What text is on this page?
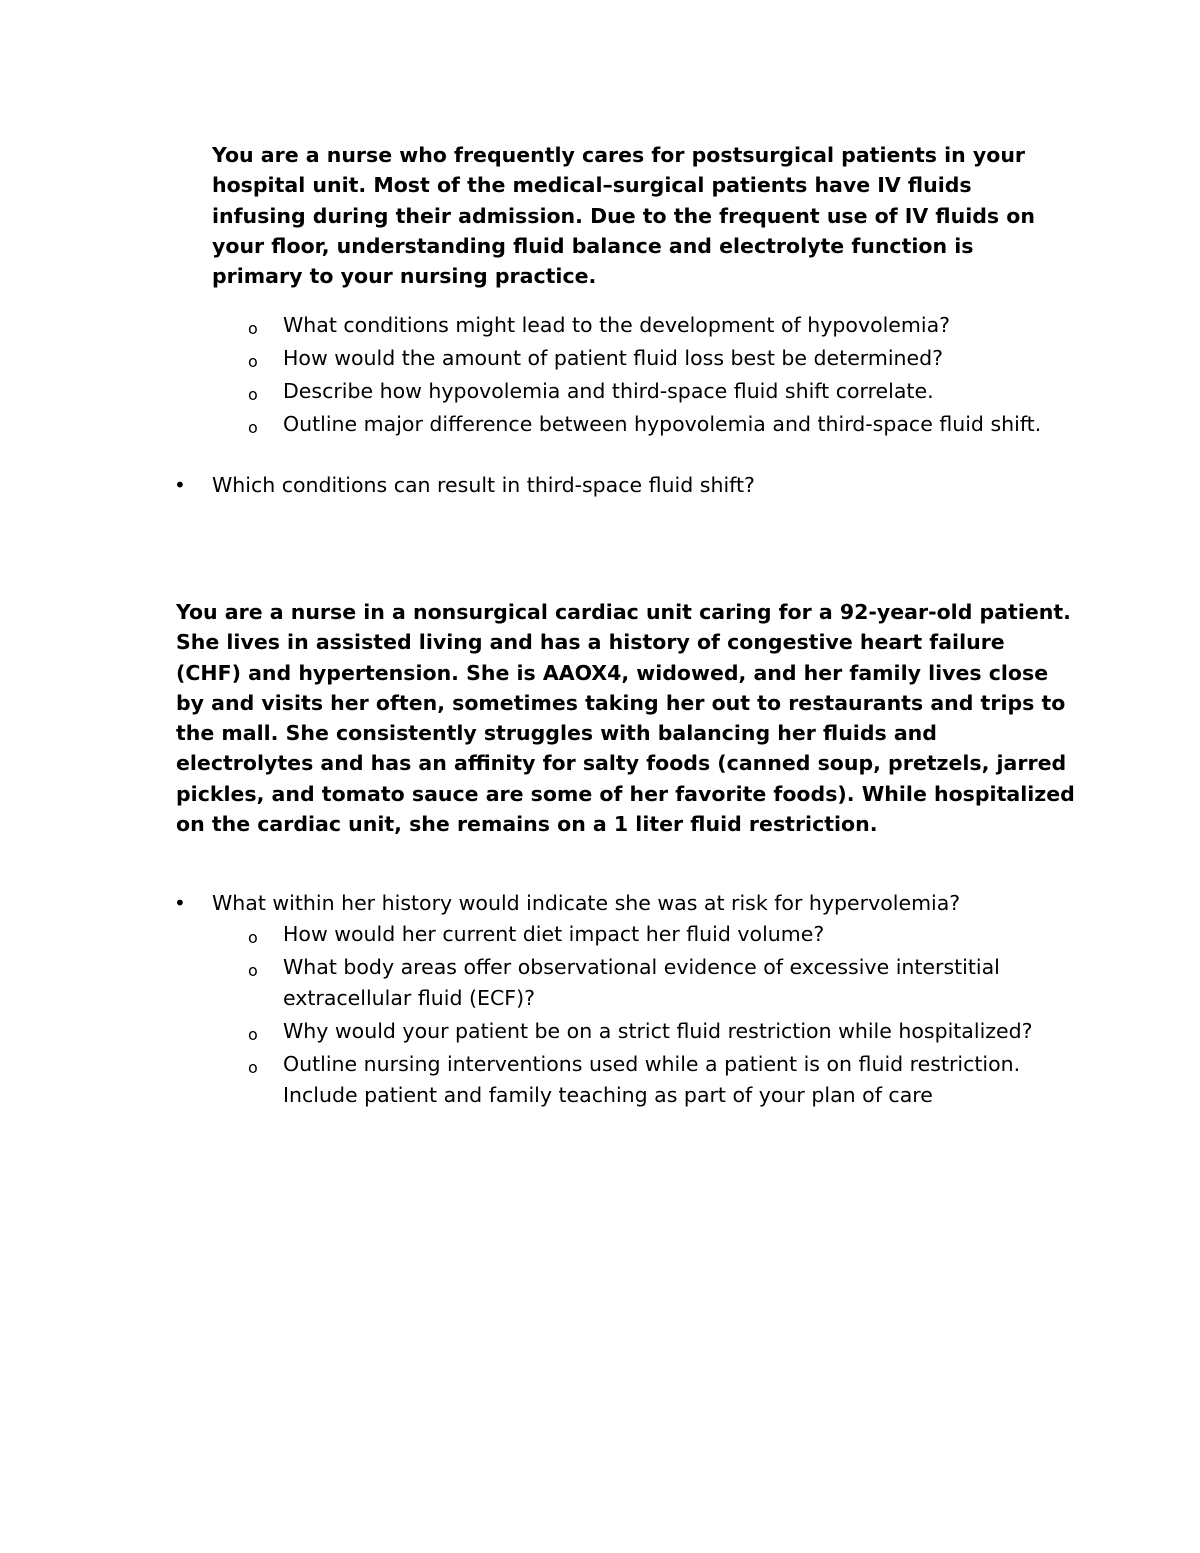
You are a nurse who frequently cares for postsurgical patients in your hospital unit. Most of the medical–surgical patients have IV fluids infusing during their admission. Due to the frequent use of IV fluids on your floor, understanding fluid balance and electrolyte function is primary to your nursing practice.

o What conditions might lead to the development of hypovolemia?
o How would the amount of patient fluid loss best be determined?
o Describe how hypovolemia and third-space fluid shift correlate.
o Outline major difference between hypovolemia and third-space fluid shift.
• Which conditions can result in third-space fluid shift?

You are a nurse in a nonsurgical cardiac unit caring for a 92-year-old patient. She lives in assisted living and has a history of congestive heart failure (CHF) and hypertension. She is AAOX4, widowed, and her family lives close by and visits her often, sometimes taking her out to restaurants and trips to the mall. She consistently struggles with balancing her fluids and electrolytes and has an affinity for salty foods (canned soup, pretzels, jarred pickles, and tomato sauce are some of her favorite foods). While hospitalized on the cardiac unit, she remains on a 1 liter fluid restriction.

• What within her history would indicate she was at risk for hypervolemia?
o How would her current diet impact her fluid volume?
o What body areas offer observational evidence of excessive interstitial extracellular fluid (ECF)?
o Why would your patient be on a strict fluid restriction while hospitalized?
o Outline nursing interventions used while a patient is on fluid restriction. Include patient and family teaching as part of your plan of care
